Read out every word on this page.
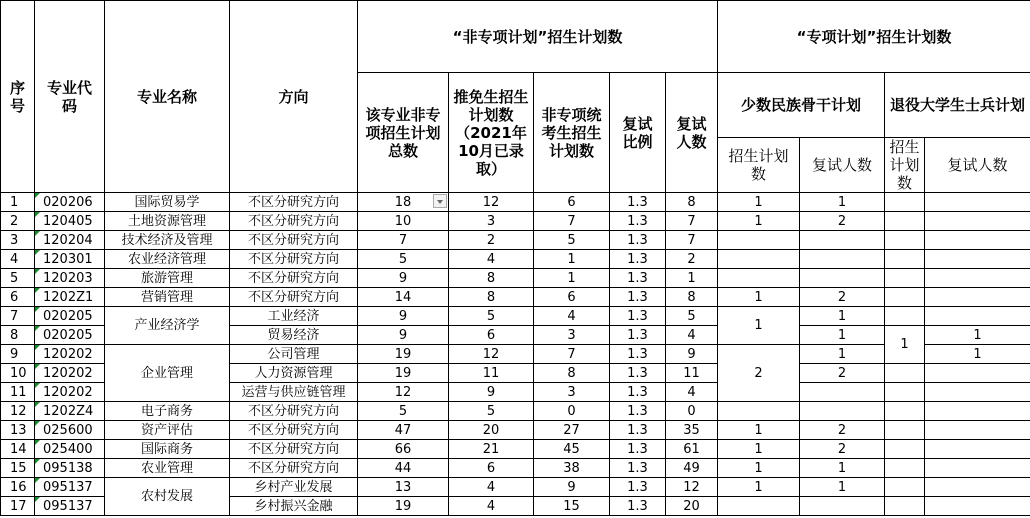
序号	专业代码	专业名称	方向	“非专项计划”招生计划数					“专项计划”招生计划数			
				该专业非专项招生计划总数	推免生招生计划数（2021年10月已录取）	非专项统考生招生计划数	复试比例	复试人数	少数民族骨干计划		退役大学生士兵计划	
									招生计划数	复试人数	招生计划数	复试人数
1	020206	国际贸易学	不区分研究方向	18	12	6	1.3	8	1	1		
2	120405	土地资源管理	不区分研究方向	10	3	7	1.3	7	1	2		
3	120204	技术经济及管理	不区分研究方向	7	2	5	1.3	7				
4	120301	农业经济管理	不区分研究方向	5	4	1	1.3	2				
5	120203	旅游管理	不区分研究方向	9	8	1	1.3	1				
6	1202Z1	营销管理	不区分研究方向	14	8	6	1.3	8	1	2		
7	020205	产业经济学	工业经济	9	5	4	1.3	5	1	1		
8	020205		贸易经济	9	6	3	1.3	4		1	1	1
9	120202	企业管理	公司管理	19	12	7	1.3	9	2	1		1
10	120202		人力资源管理	19	11	8	1.3	11		2		
11	120202		运营与供应链管理	12	9	3	1.3	4				
12	1202Z4	电子商务	不区分研究方向	5	5	0	1.3	0				
13	025600	资产评估	不区分研究方向	47	20	27	1.3	35	1	2		
14	025400	国际商务	不区分研究方向	66	21	45	1.3	61	1	2		
15	095138	农业管理	不区分研究方向	44	6	38	1.3	49	1	1		
16	095137	农村发展	乡村产业发展	13	4	9	1.3	12	1	1		
17	095137		乡村振兴金融	19	4	15	1.3	20				
